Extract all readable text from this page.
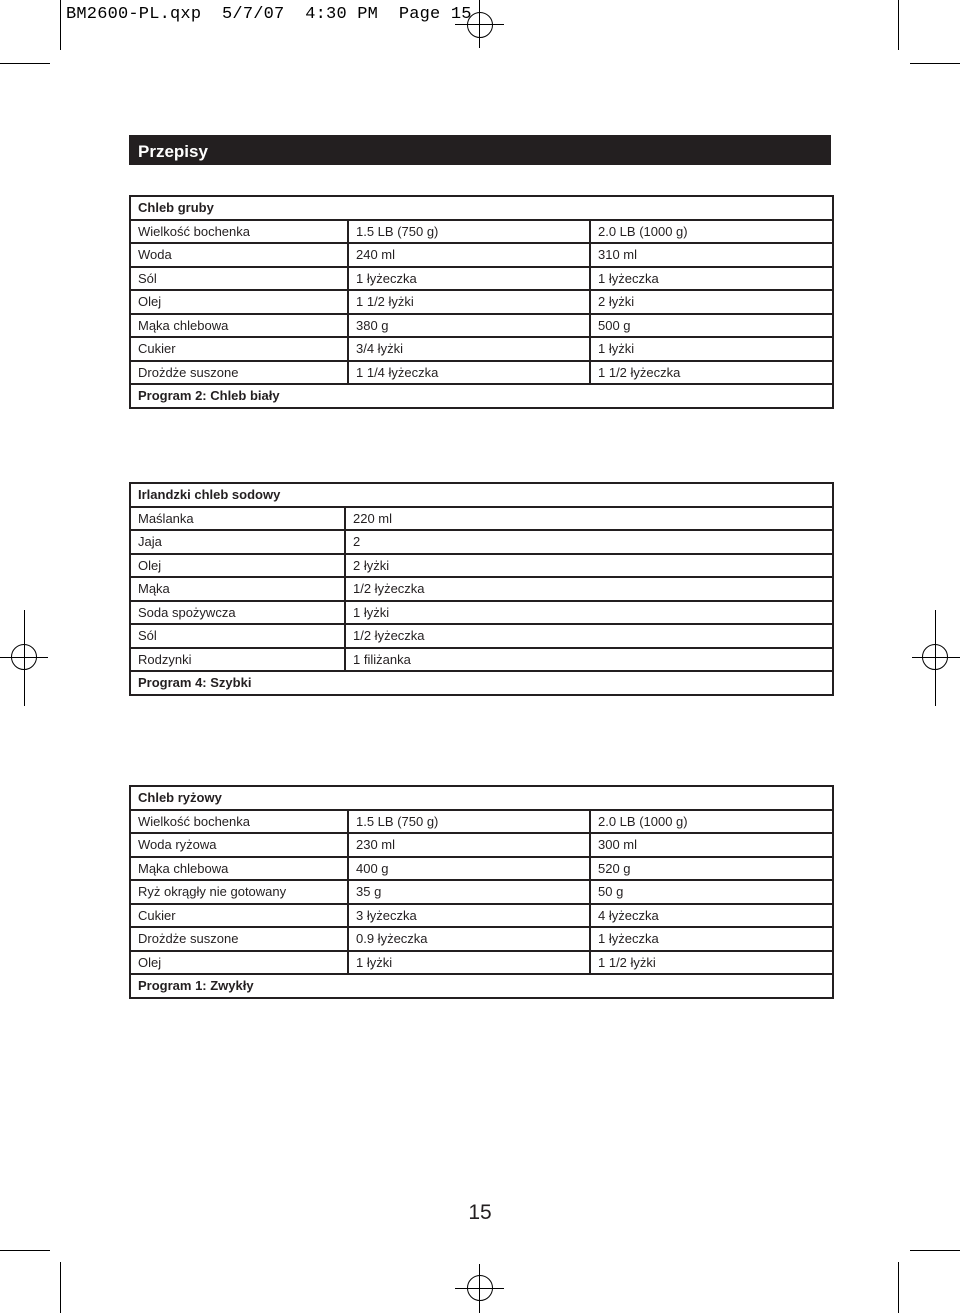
BM2600-PL.qxp  5/7/07  4:30 PM  Page 15
Przepisy
Chleb gruby		
Wielkość bochenka	1.5 LB (750 g)	2.0 LB (1000 g)
Woda	240 ml	310 ml
Sól	1 łyżeczka	1 łyżeczka
Olej	1 1/2 łyżki	2 łyżki
Mąka chlebowa	380 g	500 g
Cukier	3/4 łyżki	1 łyżki
Drożdże suszone	1 1/4 łyżeczka	1 1/2 łyżeczka
Program 2: Chleb biały		
Irlandzki chleb sodowy	
Maślanka	220 ml
Jaja	2
Olej	2 łyżki
Mąka	1/2 łyżeczka
Soda spożywcza	1 łyżki
Sól	1/2 łyżeczka
Rodzynki	1 filiżanka
Program 4: Szybki	
Chleb ryżowy		
Wielkość bochenka	1.5 LB (750 g)	2.0 LB (1000 g)
Woda ryżowa	230 ml	300 ml
Mąka chlebowa	400 g	520 g
Ryż okrągły nie gotowany	35 g	50 g
Cukier	3 łyżeczka	4 łyżeczka
Drożdże suszone	0.9 łyżeczka	1 łyżeczka
Olej	1 łyżki	1 1/2 łyżki
Program 1: Zwykły		
15
